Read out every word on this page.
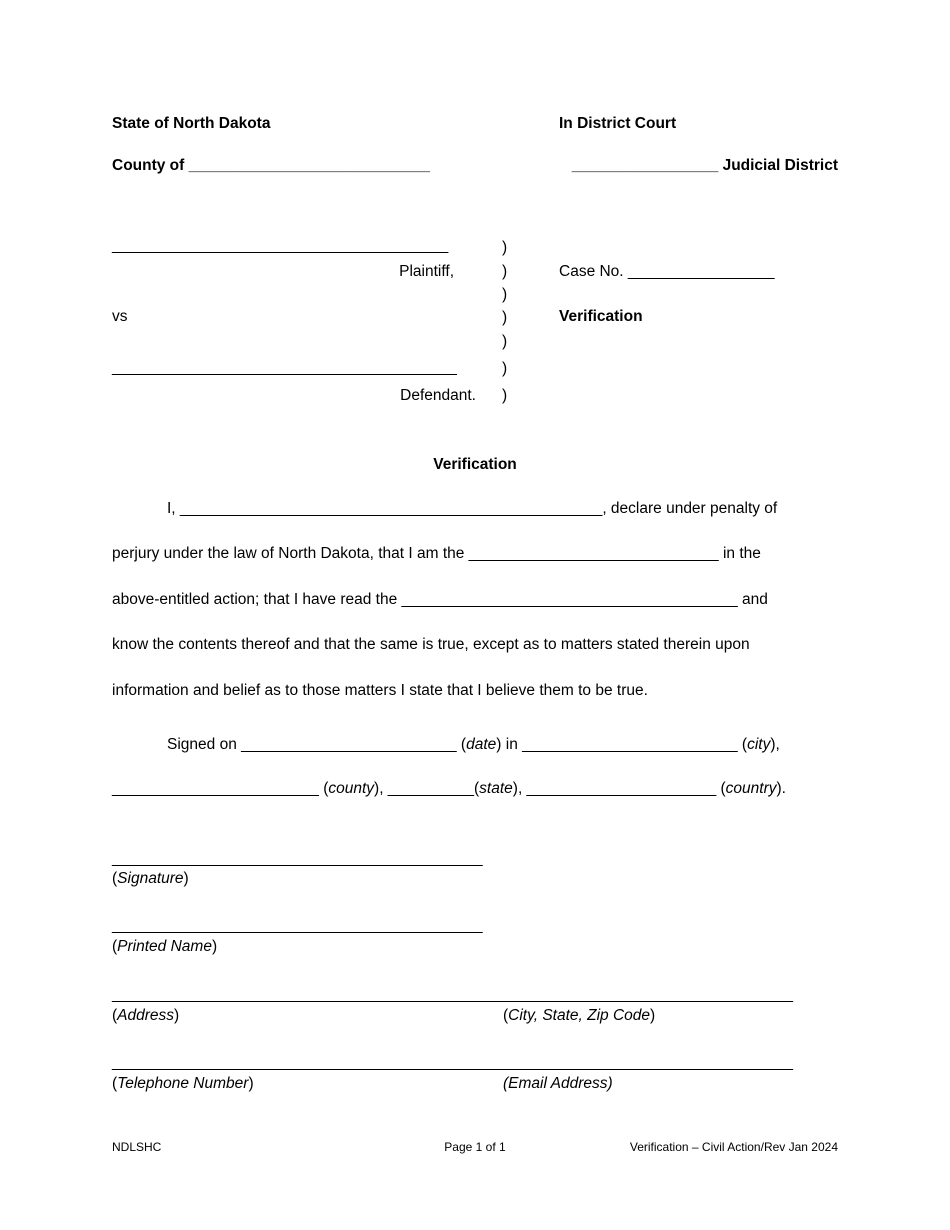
State of North Dakota	In District Court
County of ____________________________	_________________ Judicial District
_______________________________________
Plaintiff,
vs
________________________________________
Defendant.
)
)
)
)
)
)
)
Case No. _________________
Verification
Verification
I, _________________________________________________, declare under penalty of
perjury under the law of North Dakota, that I am the _____________________________ in the
above-entitled action; that I have read the _______________________________________ and
know the contents thereof and that the same is true, except as to matters stated therein upon
information and belief as to those matters I state that I believe them to be true.
Signed on _________________________ (date) in _________________________ (city),
________________________ (county), __________(state), ______________________ (country).
___________________________________________
(Signature)
___________________________________________
(Printed Name)
_______________________________________________________________________________
(Address)	(City, State, Zip Code)
_______________________________________________________________________________
(Telephone Number)	(Email Address)
NDLSHC	Page 1 of 1	Verification – Civil Action/Rev Jan 2024
